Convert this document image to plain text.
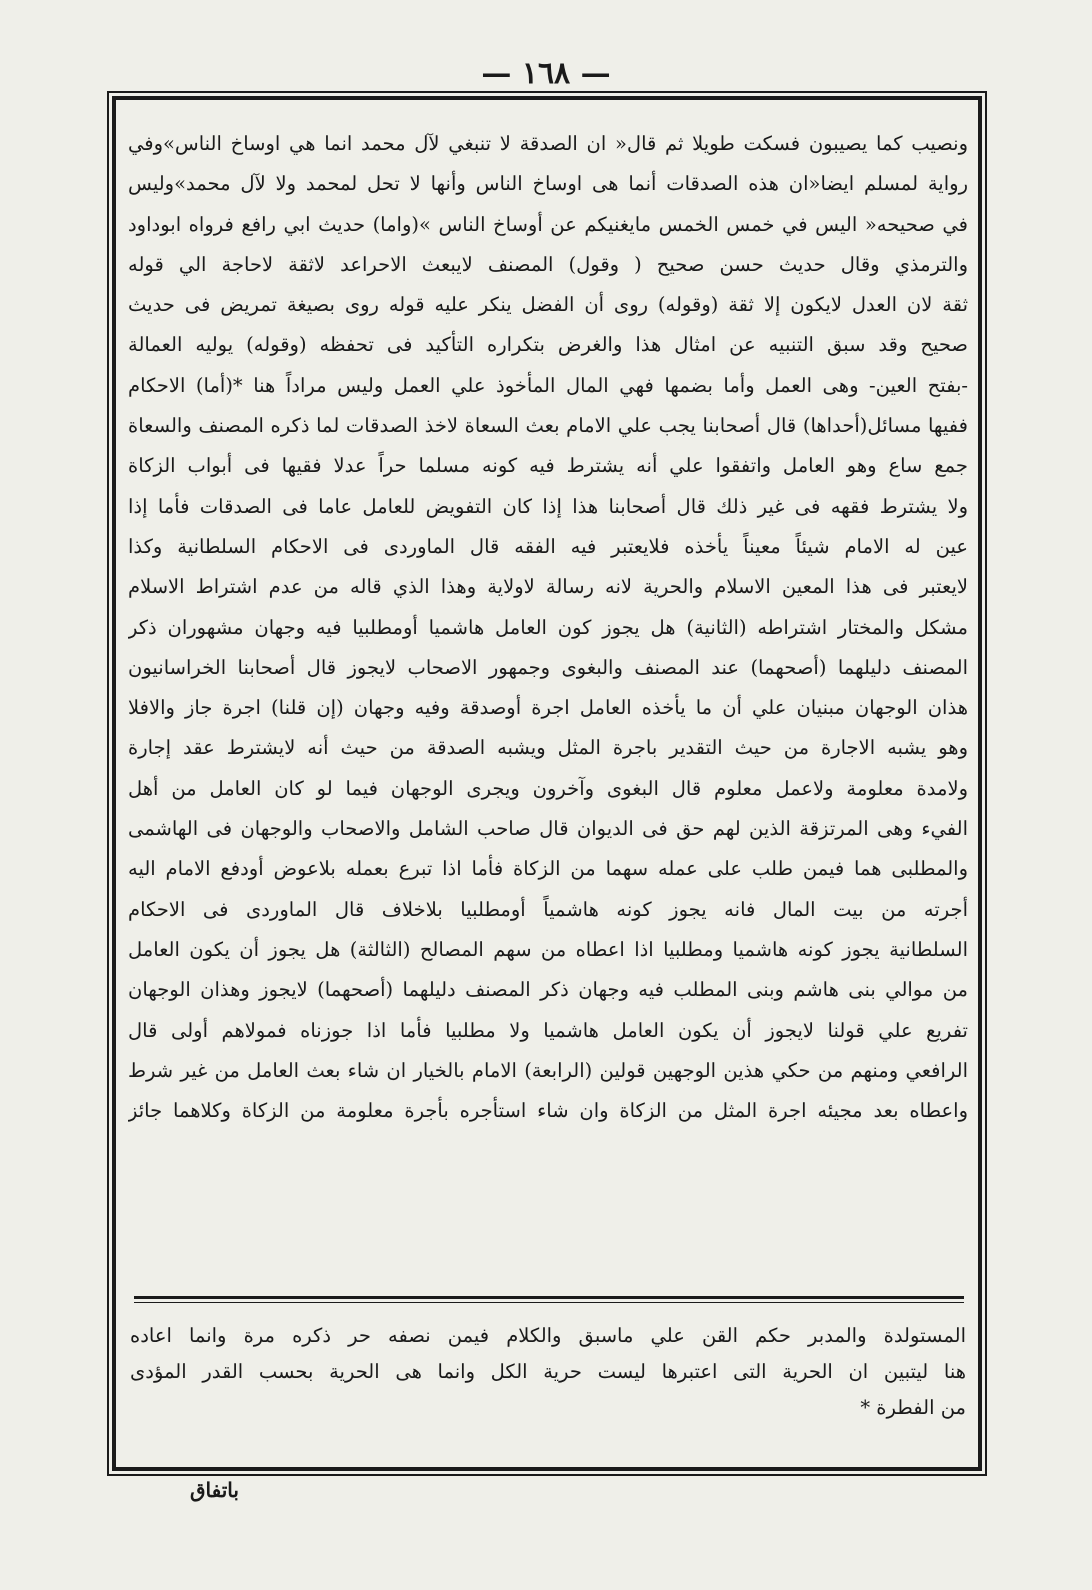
— ١٦٨ —

ونصيب كما يصيبون فسكت طويلا ثم قال« ان الصدقة لا تنبغي لآل محمد انما هي اوساخ الناس»وفي

رواية لمسلم ايضا«ان هذه الصدقات أنما هى اوساخ الناس وأنها لا تحل لمحمد ولا لآل محمد»وليس

في صحيحه« اليس في خمس الخمس مايغنيكم عن أوساخ الناس »(واما) حديث ابي رافع فرواه ابوداود

والترمذي وقال حديث حسن صحيح ( وقول) المصنف لايبعث الاحراعد لاثقة لاحاجة الي قوله

ثقة لان العدل لايكون إلا ثقة (وقوله) روى أن الفضل ينكر عليه قوله روى بصيغة تمريض فى حديث

صحيح وقد سبق التنبيه عن امثال هذا والغرض بتكراره التأكيد فى تحفظه (وقوله) يوليه العمالة

-بفتح العين- وهى العمل وأما بضمها فهي المال المأخوذ علي العمل وليس مراداً هنا *(أما) الاحكام

ففيها مسائل(أحداها) قال أصحابنا يجب علي الامام بعث السعاة لاخذ الصدقات لما ذكره المصنف والسعاة

جمع ساع وهو العامل واتفقوا علي أنه يشترط فيه كونه مسلما حراً عدلا فقيها فى أبواب الزكاة

ولا يشترط فقهه فى غير ذلك قال أصحابنا هذا إذا كان التفويض للعامل عاما فى الصدقات فأما إذا

عين له الامام شيئاً معيناً يأخذه فلايعتبر فيه الفقه قال الماوردى فى الاحكام السلطانية وكذا

لايعتبر فى هذا المعين الاسلام والحرية لانه رسالة لاولاية وهذا الذي قاله من عدم اشتراط الاسلام

مشكل والمختار اشتراطه (الثانية) هل يجوز كون العامل هاشميا أومطلبيا فيه وجهان مشهوران ذكر

المصنف دليلهما (أصحهما) عند المصنف والبغوى وجمهور الاصحاب لايجوز قال أصحابنا الخراسانيون

هذان الوجهان مبنيان علي أن ما يأخذه العامل اجرة أوصدقة وفيه وجهان (إن قلنا) اجرة جاز والافلا

وهو يشبه الاجارة من حيث التقدير باجرة المثل ويشبه الصدقة من حيث أنه لايشترط عقد إجارة

ولامدة معلومة ولاعمل معلوم قال البغوى وآخرون ويجرى الوجهان فيما لو كان العامل من أهل

الفيء وهى المرتزقة الذين لهم حق فى الديوان قال صاحب الشامل والاصحاب والوجهان فى الهاشمى

والمطلبى هما فيمن طلب على عمله سهما من الزكاة فأما اذا تبرع بعمله بلاعوض أودفع الامام اليه

أجرته من بيت المال فانه يجوز كونه هاشمياً أومطلبيا بلاخلاف قال الماوردى فى الاحكام

السلطانية يجوز كونه هاشميا ومطلبيا اذا اعطاه من سهم المصالح (الثالثة) هل يجوز أن يكون العامل

من موالي بنى هاشم وبنى المطلب فيه وجهان ذكر المصنف دليلهما (أصحهما) لايجوز وهذان الوجهان

تفريع علي قولنا لايجوز أن يكون العامل هاشميا ولا مطلبيا فأما اذا جوزناه فمولاهم أولى قال

الرافعي ومنهم من حكي هذين الوجهين قولين (الرابعة) الامام بالخيار ان شاء بعث العامل من غير شرط

واعطاه بعد مجيئه اجرة المثل من الزكاة وان شاء استأجره بأجرة معلومة من الزكاة وكلاهما جائز

المستولدة والمدبر حكم القن علي ماسبق والكلام فيمن نصفه حر ذكره مرة وانما اعاده

هنا ليتبين ان الحرية التى اعتبرها ليست حرية الكل وانما هى الحرية بحسب القدر المؤدى

من الفطرة *

باتفاق
